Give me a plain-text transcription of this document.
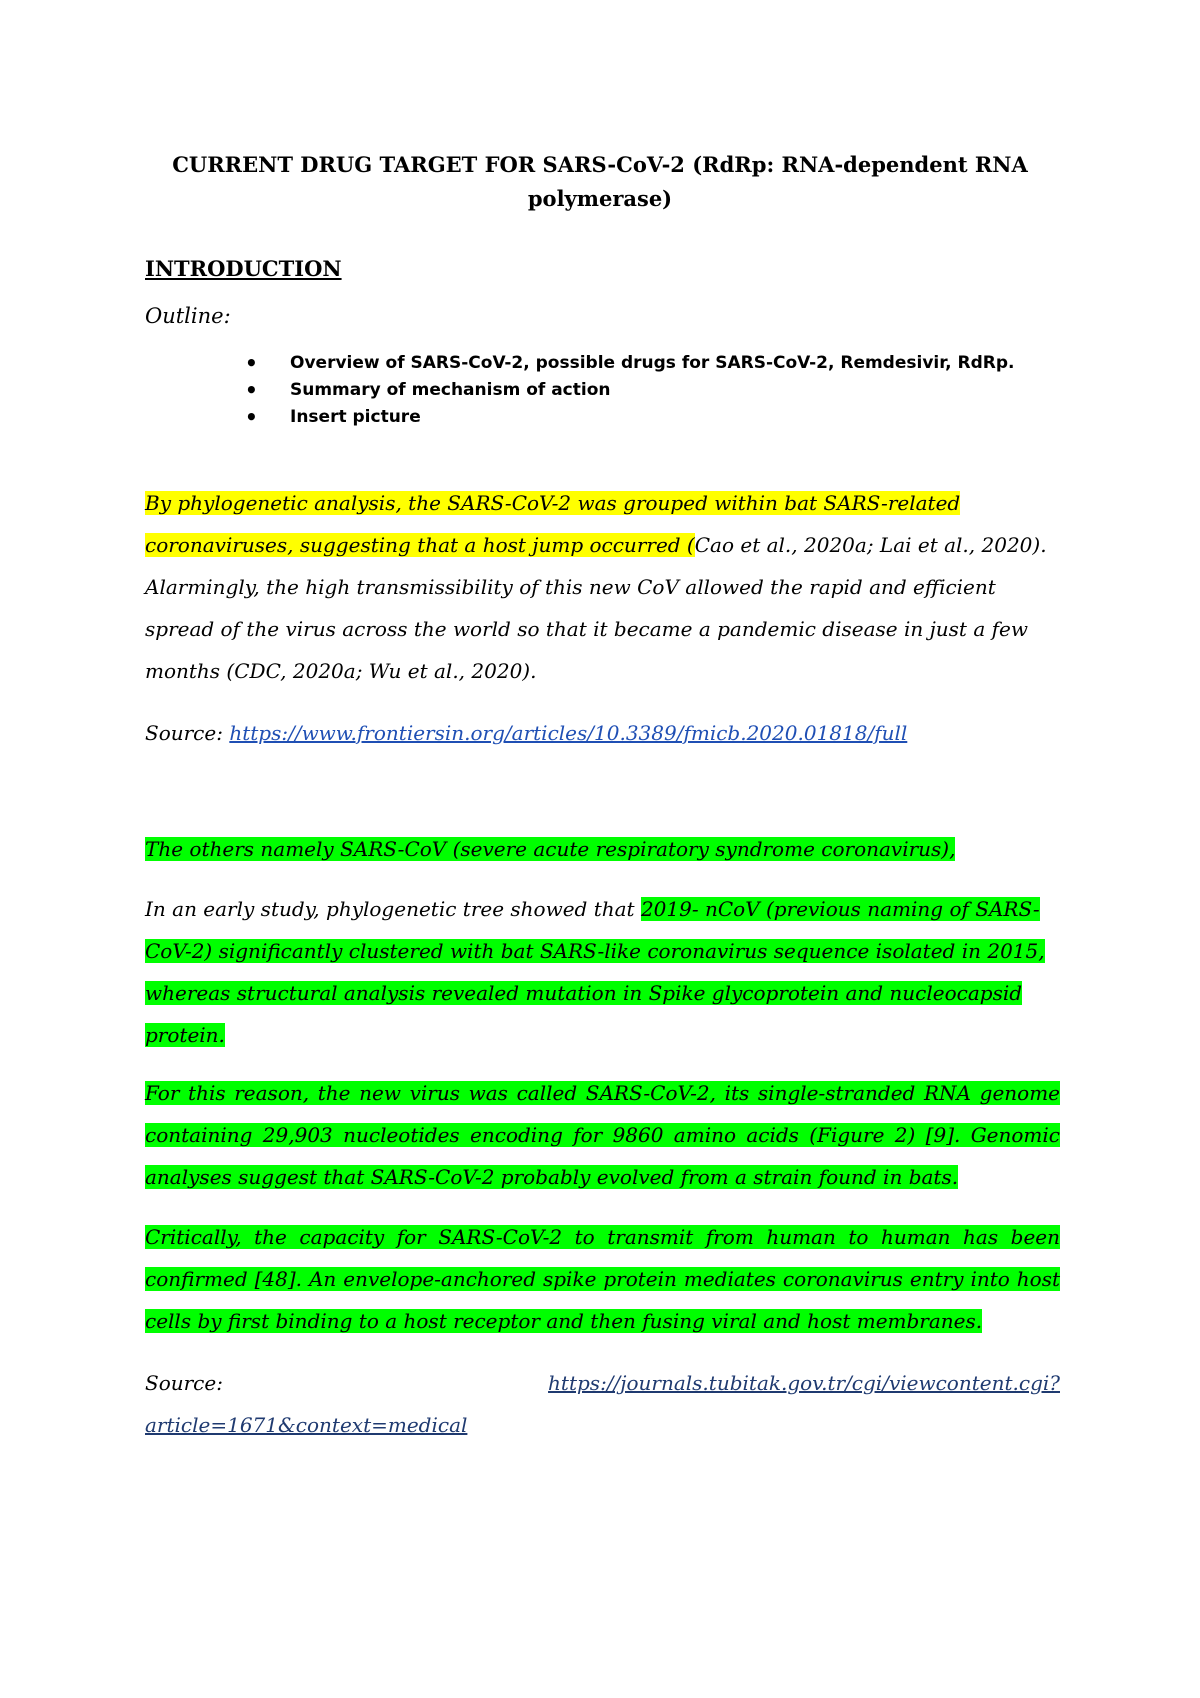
CURRENT DRUG TARGET FOR SARS-CoV-2 (RdRp: RNA-dependent RNA polymerase)
INTRODUCTION
Outline:
• Overview of SARS-CoV-2, possible drugs for SARS-CoV-2, Remdesivir, RdRp.
• Summary of mechanism of action
• Insert picture
By phylogenetic analysis, the SARS-CoV-2 was grouped within bat SARS-related coronaviruses, suggesting that a host jump occurred (Cao et al., 2020a; Lai et al., 2020). Alarmingly, the high transmissibility of this new CoV allowed the rapid and efficient spread of the virus across the world so that it became a pandemic disease in just a few months (CDC, 2020a; Wu et al., 2020).
Source: https://www.frontiersin.org/articles/10.3389/fmicb.2020.01818/full
The others namely SARS-CoV (severe acute respiratory syndrome coronavirus),
In an early study, phylogenetic tree showed that 2019- nCoV (previous naming of SARS-CoV-2) significantly clustered with bat SARS-like coronavirus sequence isolated in 2015, whereas structural analysis revealed mutation in Spike glycoprotein and nucleocapsid protein.
For this reason, the new virus was called SARS-CoV-2, its single-stranded RNA genome containing 29,903 nucleotides encoding for 9860 amino acids (Figure 2) [9]. Genomic analyses suggest that SARS-CoV-2 probably evolved from a strain found in bats.
Critically, the capacity for SARS-CoV-2 to transmit from human to human has been confirmed [48]. An envelope-anchored spike protein mediates coronavirus entry into host cells by first binding to a host receptor and then fusing viral and host membranes.
Source:	https://journals.tubitak.gov.tr/cgi/viewcontent.cgi?
article=1671&context=medical
